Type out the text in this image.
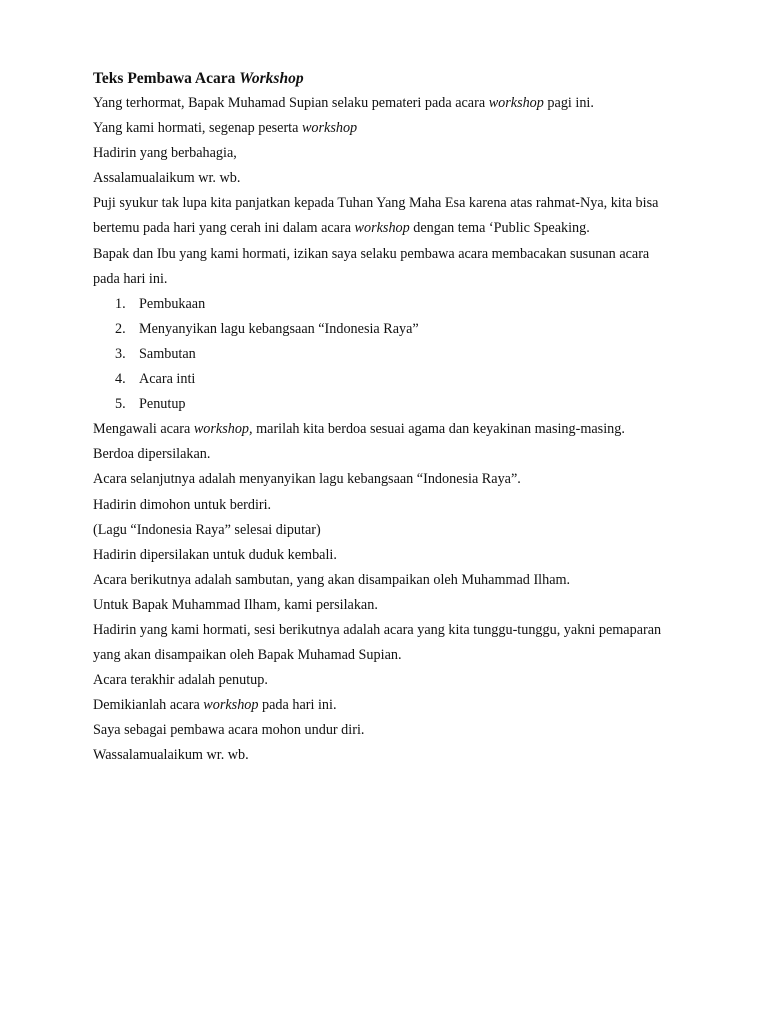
Teks Pembawa Acara Workshop

Yang terhormat, Bapak Muhamad Supian selaku pemateri pada acara workshop pagi ini.

Yang kami hormati, segenap peserta workshop

Hadirin yang berbahagia,

Assalamualaikum wr. wb.

Puji syukur tak lupa kita panjatkan kepada Tuhan Yang Maha Esa karena atas rahmat-Nya, kita bisa

bertemu pada hari yang cerah ini dalam acara workshop dengan tema ‘Public Speaking.

Bapak dan Ibu yang kami hormati, izikan saya selaku pembawa acara membacakan susunan acara

pada hari ini.

1. Pembukaan
2. Menyanyikan lagu kebangsaan “Indonesia Raya”
3. Sambutan
4. Acara inti
5. Penutup

Mengawali acara workshop, marilah kita berdoa sesuai agama dan keyakinan masing-masing.

Berdoa dipersilakan.

Acara selanjutnya adalah menyanyikan lagu kebangsaan “Indonesia Raya”.

Hadirin dimohon untuk berdiri.

(Lagu “Indonesia Raya” selesai diputar)

Hadirin dipersilakan untuk duduk kembali.

Acara berikutnya adalah sambutan, yang akan disampaikan oleh Muhammad Ilham.

Untuk Bapak Muhammad Ilham, kami persilakan.

Hadirin yang kami hormati, sesi berikutnya adalah acara yang kita tunggu-tunggu, yakni pemaparan

yang akan disampaikan oleh Bapak Muhamad Supian.

Acara terakhir adalah penutup.

Demikianlah acara workshop pada hari ini.

Saya sebagai pembawa acara mohon undur diri.

Wassalamualaikum wr. wb.
